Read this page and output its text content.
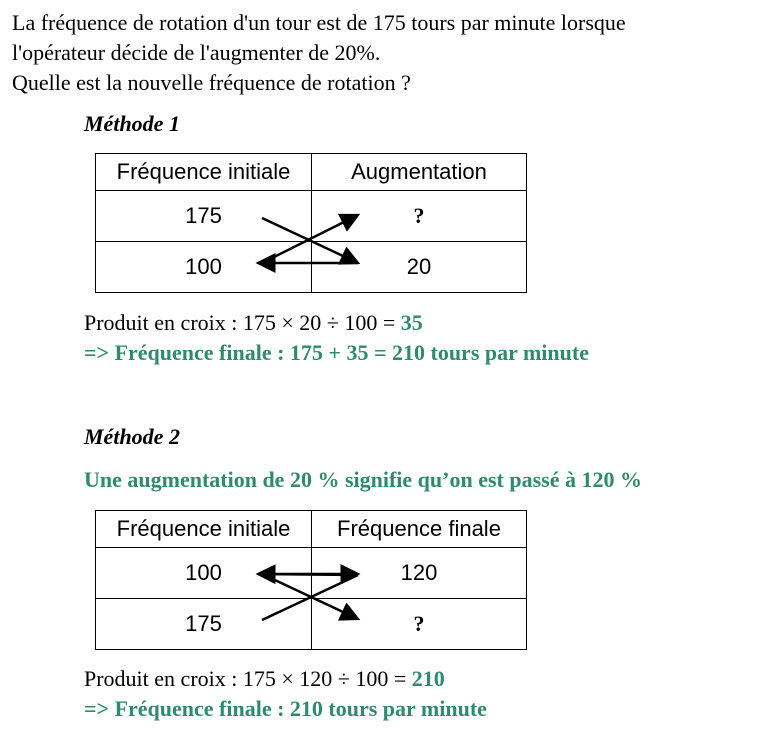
La fréquence de rotation d'un tour est de 175 tours par minute lorsque
l'opérateur décide de l'augmenter de 20%.
Quelle est la nouvelle fréquence de rotation ?
Méthode 1
Fréquence initiale	Augmentation
175	?
100	20
Produit en croix : 175 × 20 ÷ 100 = 35
=> Fréquence finale : 175 + 35 = 210 tours par minute
Méthode 2
Une augmentation de 20 % signifie qu’on est passé à 120 %
Fréquence initiale	Fréquence finale
100	120
175	?
Produit en croix : 175 × 120 ÷ 100 = 210
=> Fréquence finale : 210 tours par minute
